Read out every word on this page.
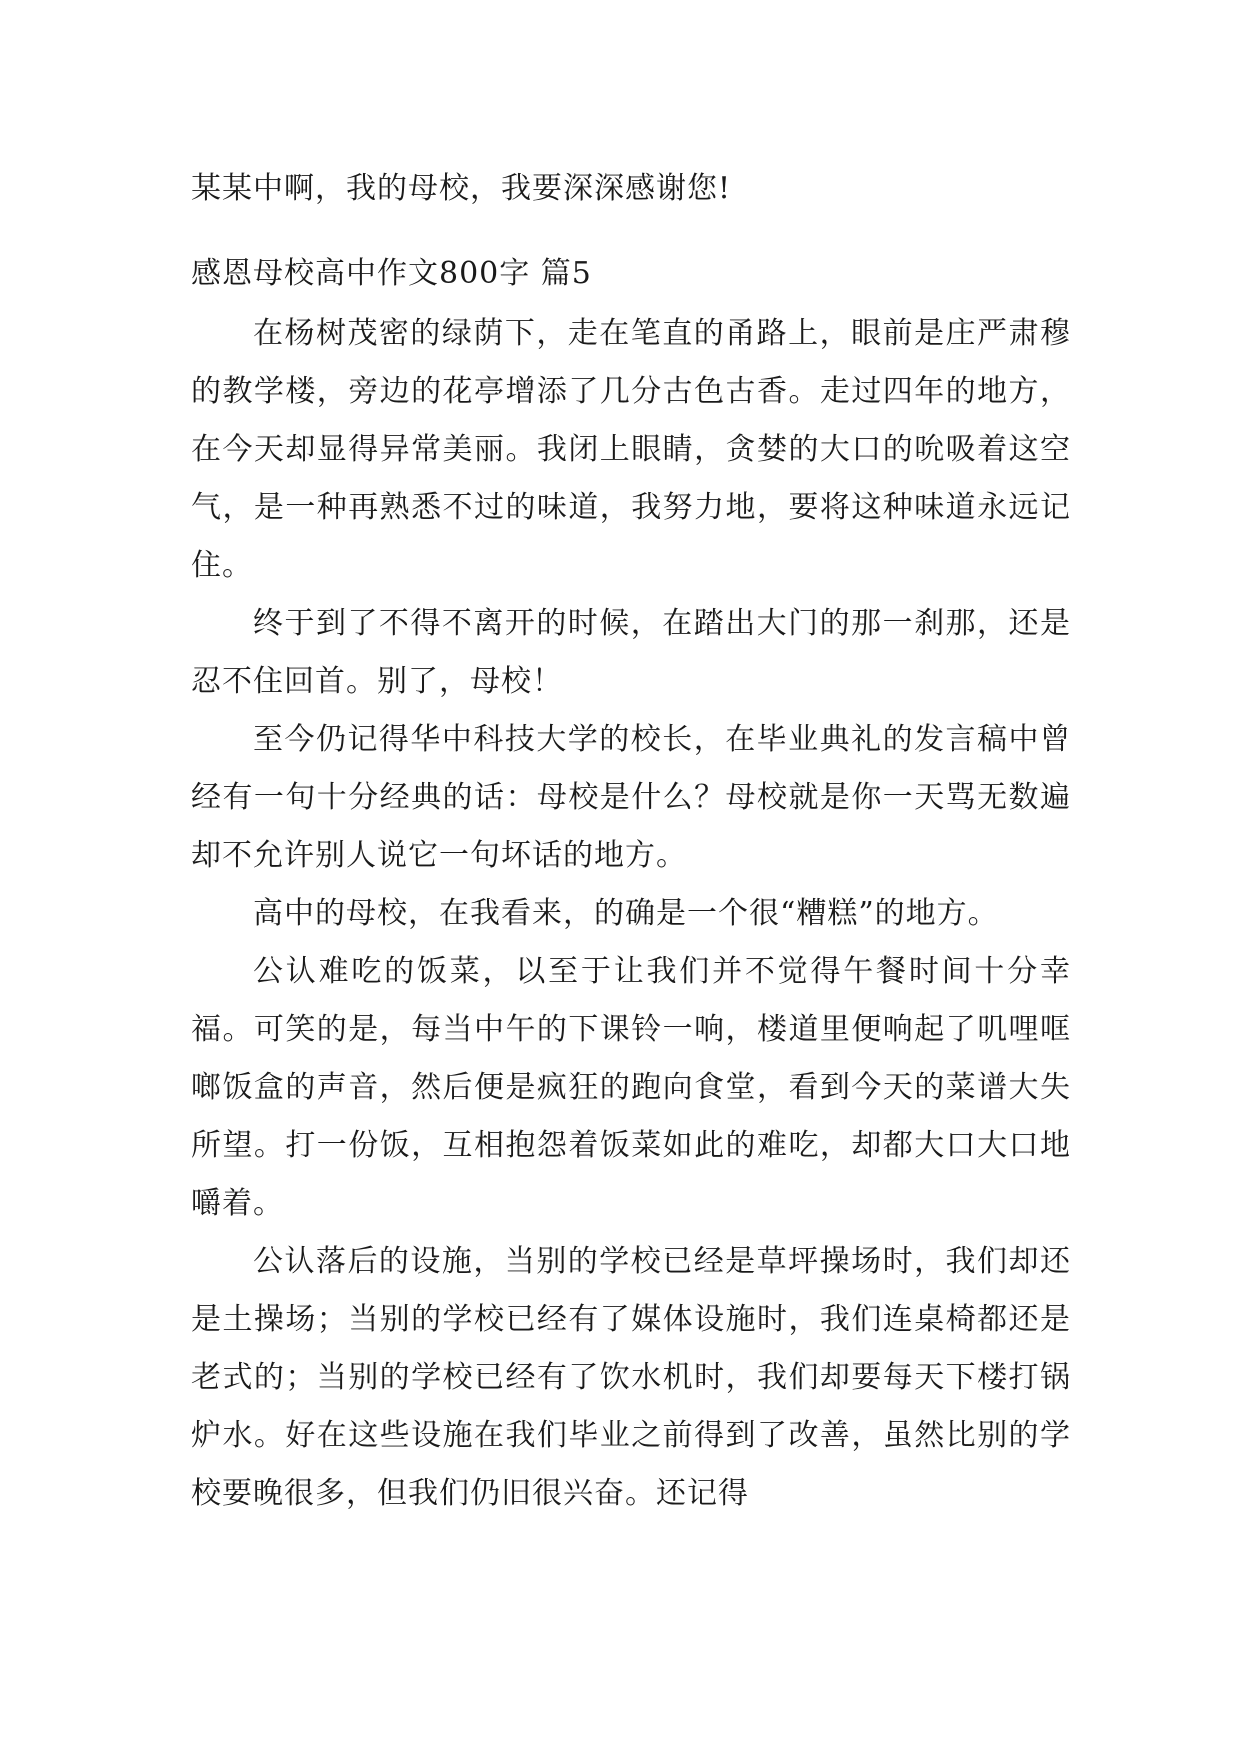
某某中啊，我的母校，我要深深感谢您!

感恩母校高中作文800字 篇5

在杨树茂密的绿荫下，走在笔直的甬路上，眼前是庄严肃穆的教学楼，旁边的花亭增添了几分古色古香。走过四年的地方，在今天却显得异常美丽。我闭上眼睛，贪婪的大口的吮吸着这空气，是一种再熟悉不过的味道，我努力地，要将这种味道永远记住。

终于到了不得不离开的时候，在踏出大门的那一刹那，还是忍不住回首。别了，母校！

至今仍记得华中科技大学的校长，在毕业典礼的发言稿中曾经有一句十分经典的话：母校是什么？母校就是你一天骂无数遍却不允许别人说它一句坏话的地方。

高中的母校，在我看来，的确是一个很“糟糕”的地方。

公认难吃的饭菜，以至于让我们并不觉得午餐时间十分幸福。可笑的是，每当中午的下课铃一响，楼道里便响起了叽哩哐啷饭盒的声音，然后便是疯狂的跑向食堂，看到今天的菜谱大失所望。打一份饭，互相抱怨着饭菜如此的难吃，却都大口大口地嚼着。

公认落后的设施，当别的学校已经是草坪操场时，我们却还是土操场；当别的学校已经有了媒体设施时，我们连桌椅都还是老式的；当别的学校已经有了饮水机时，我们却要每天下楼打锅炉水。好在这些设施在我们毕业之前得到了改善，虽然比别的学校要晚很多，但我们仍旧很兴奋。还记得
